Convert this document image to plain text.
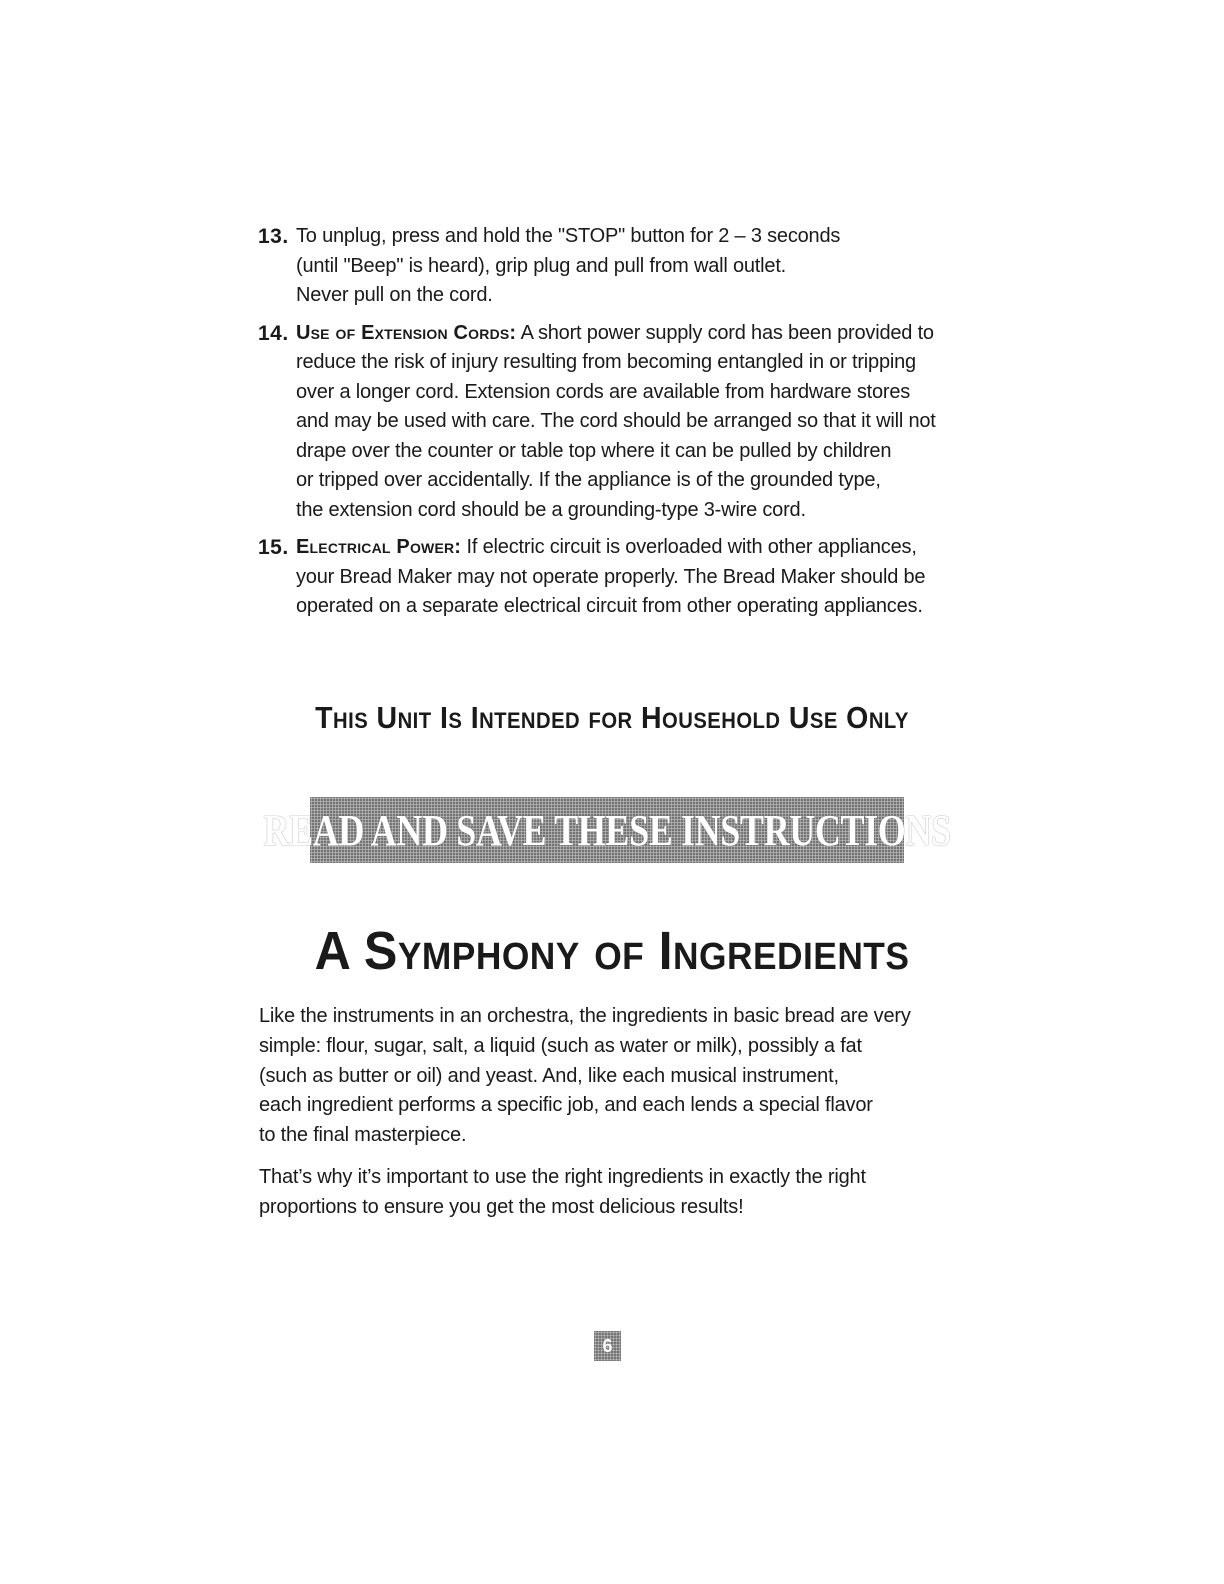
13. To unplug, press and hold the "STOP" button for 2 – 3 seconds
(until "Beep" is heard), grip plug and pull from wall outlet.
Never pull on the cord.
14. Use of Extension Cords: A short power supply cord has been provided to
reduce the risk of injury resulting from becoming entangled in or tripping
over a longer cord. Extension cords are available from hardware stores
and may be used with care. The cord should be arranged so that it will not
drape over the counter or table top where it can be pulled by children
or tripped over accidentally. If the appliance is of the grounded type,
the extension cord should be a grounding-type 3-wire cord.
15. Electrical Power: If electric circuit is overloaded with other appliances,
your Bread Maker may not operate properly. The Bread Maker should be
operated on a separate electrical circuit from other operating appliances.
This Unit Is Intended for Household Use Only
READ AND SAVE THESE INSTRUCTIONS
A Symphony of Ingredients

Like the instruments in an orchestra, the ingredients in basic bread are very
simple: flour, sugar, salt, a liquid (such as water or milk), possibly a fat
(such as butter or oil) and yeast. And, like each musical instrument,
each ingredient performs a specific job, and each lends a special flavor
to the final masterpiece.

That’s why it’s important to use the right ingredients in exactly the right
proportions to ensure you get the most delicious results!

6
